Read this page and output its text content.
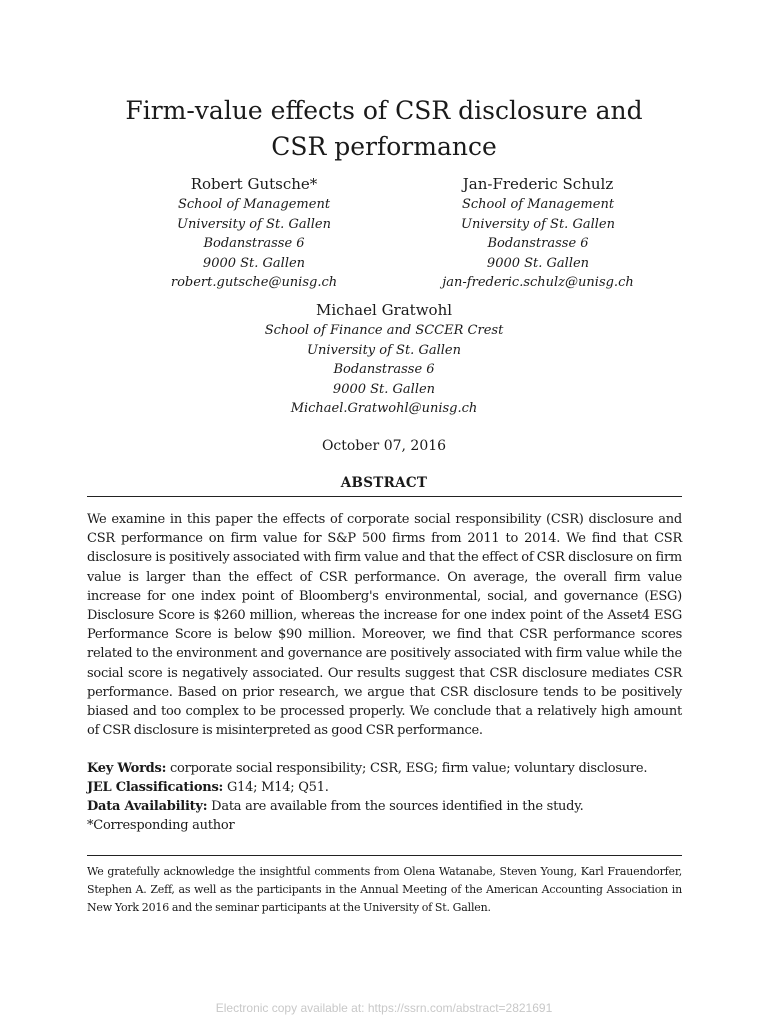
Firm-value effects of CSR disclosure and
CSR performance
Robert Gutsche*
School of Management
University of St. Gallen
Bodanstrasse 6
9000 St. Gallen
robert.gutsche@unisg.ch
Jan-Frederic Schulz
School of Management
University of St. Gallen
Bodanstrasse 6
9000 St. Gallen
jan-frederic.schulz@unisg.ch
Michael Gratwohl
School of Finance and SCCER Crest
University of St. Gallen
Bodanstrasse 6
9000 St. Gallen
Michael.Gratwohl@unisg.ch
October 07, 2016
ABSTRACT

We examine in this paper the effects of corporate social responsibility (CSR) disclosure and CSR performance on firm value for S&P 500 firms from 2011 to 2014. We find that CSR disclosure is positively associated with firm value and that the effect of CSR disclosure on firm value is larger than the effect of CSR performance. On average, the overall firm value increase for one index point of Bloomberg's environmental, social, and governance (ESG) Disclosure Score is $260 million, whereas the increase for one index point of the Asset4 ESG Performance Score is below $90 million. Moreover, we find that CSR performance scores related to the environment and governance are positively associated with firm value while the social score is negatively associated. Our results suggest that CSR disclosure mediates CSR performance. Based on prior research, we argue that CSR disclosure tends to be positively biased and too complex to be processed properly. We conclude that a relatively high amount of CSR disclosure is misinterpreted as good CSR performance.

Key Words: corporate social responsibility; CSR, ESG; firm value; voluntary disclosure.
JEL Classifications: G14; M14; Q51.
Data Availability: Data are available from the sources identified in the study.
*Corresponding author

We gratefully acknowledge the insightful comments from Olena Watanabe, Steven Young, Karl Frauendorfer, Stephen A. Zeff, as well as the participants in the Annual Meeting of the American Accounting Association in New York 2016 and the seminar participants at the University of St. Gallen.

Electronic copy available at: https://ssrn.com/abstract=2821691
